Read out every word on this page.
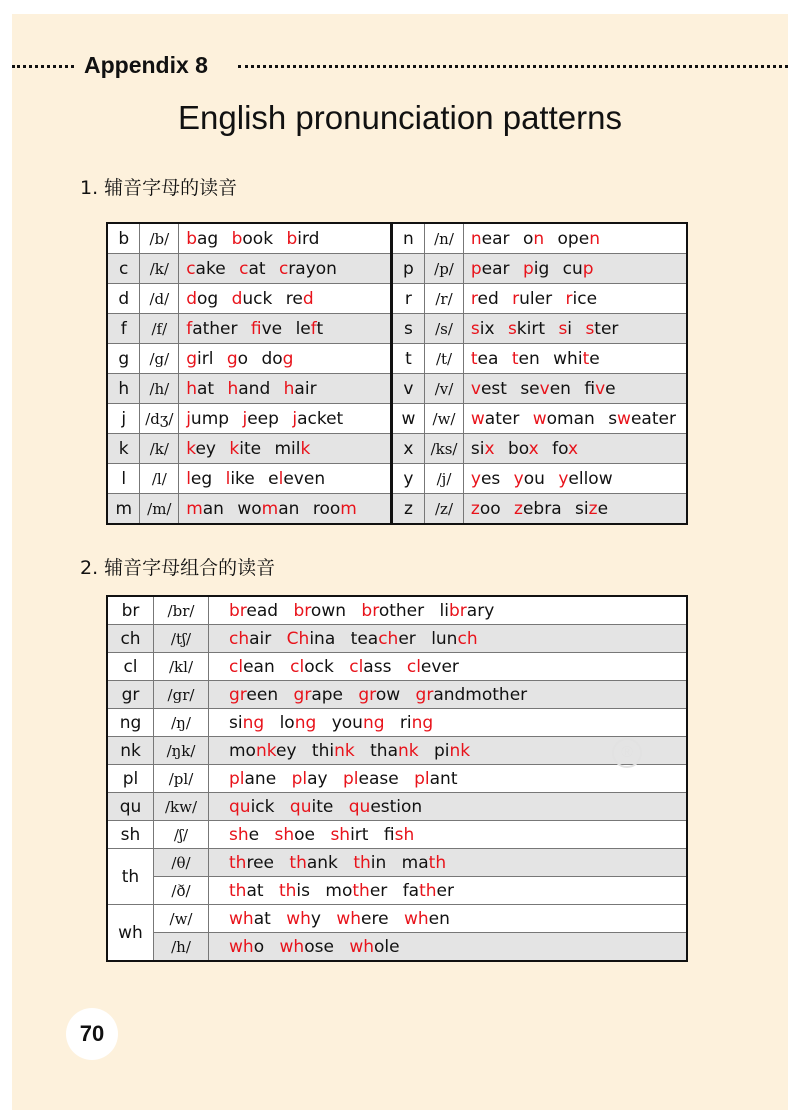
Appendix 8
English pronunciation patterns
1. 辅音字母的读音
b	/b/	bag book bird	n	/n/	near on open
c	/k/	cake cat crayon	p	/p/	pear pig cup
d	/d/	dog duck red	r	/r/	red ruler rice
f	/f/	father five left	s	/s/	six skirt si ster
g	/g/	girl go dog	t	/t/	tea ten white
h	/h/	hat hand hair	v	/v/	vest seven five
j	/dʒ/	jump jeep jacket	w	/w/	water woman sweater
k	/k/	key kite milk	x	/ks/	six box fox
l	/l/	leg like eleven	y	/j/	yes you yellow
m	/m/	man woman room	z	/z/	zoo zebra size
2. 辅音字母组合的读音
br	/br/	bread brown brother library
ch	/tʃ/	chair China teacher lunch
cl	/kl/	clean clock class clever
gr	/gr/	green grape grow grandmother
ng	/ŋ/	sing long young ring
nk	/ŋk/	monkey think thank pink
pl	/pl/	plane play please plant
qu	/kw/	quick quite question
sh	/ʃ/	she shoe shirt fish
th	/θ/	three thank thin math
	/ð/	that this mother father
wh	/w/	what why where when
	/h/	who whose whole
®
70
